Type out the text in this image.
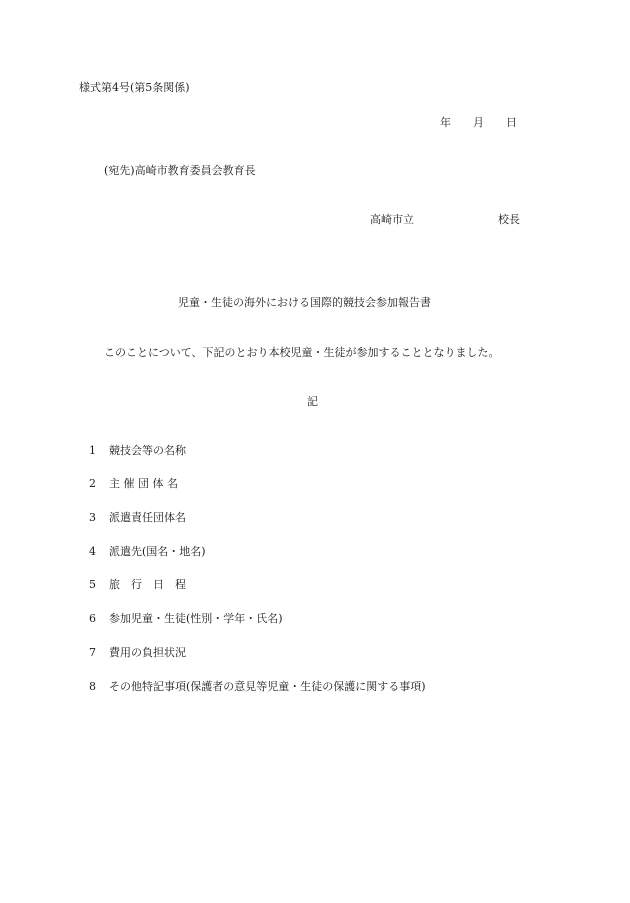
様式第4号(第5条関係)
年 月 日
(宛先)高崎市教育委員会教育長
高崎市立	校長
児童・生徒の海外における国際的競技会参加報告書
このことについて、下記のとおり本校児童・生徒が参加することとなりました。
記
1 競技会等の名称
2 主 催 団 体 名
3 派遣責任団体名
4 派遣先(国名・地名)
5 旅　行　日　程
6 参加児童・生徒(性別・学年・氏名)
7 費用の負担状況
8 その他特記事項(保護者の意見等児童・生徒の保護に関する事項)
